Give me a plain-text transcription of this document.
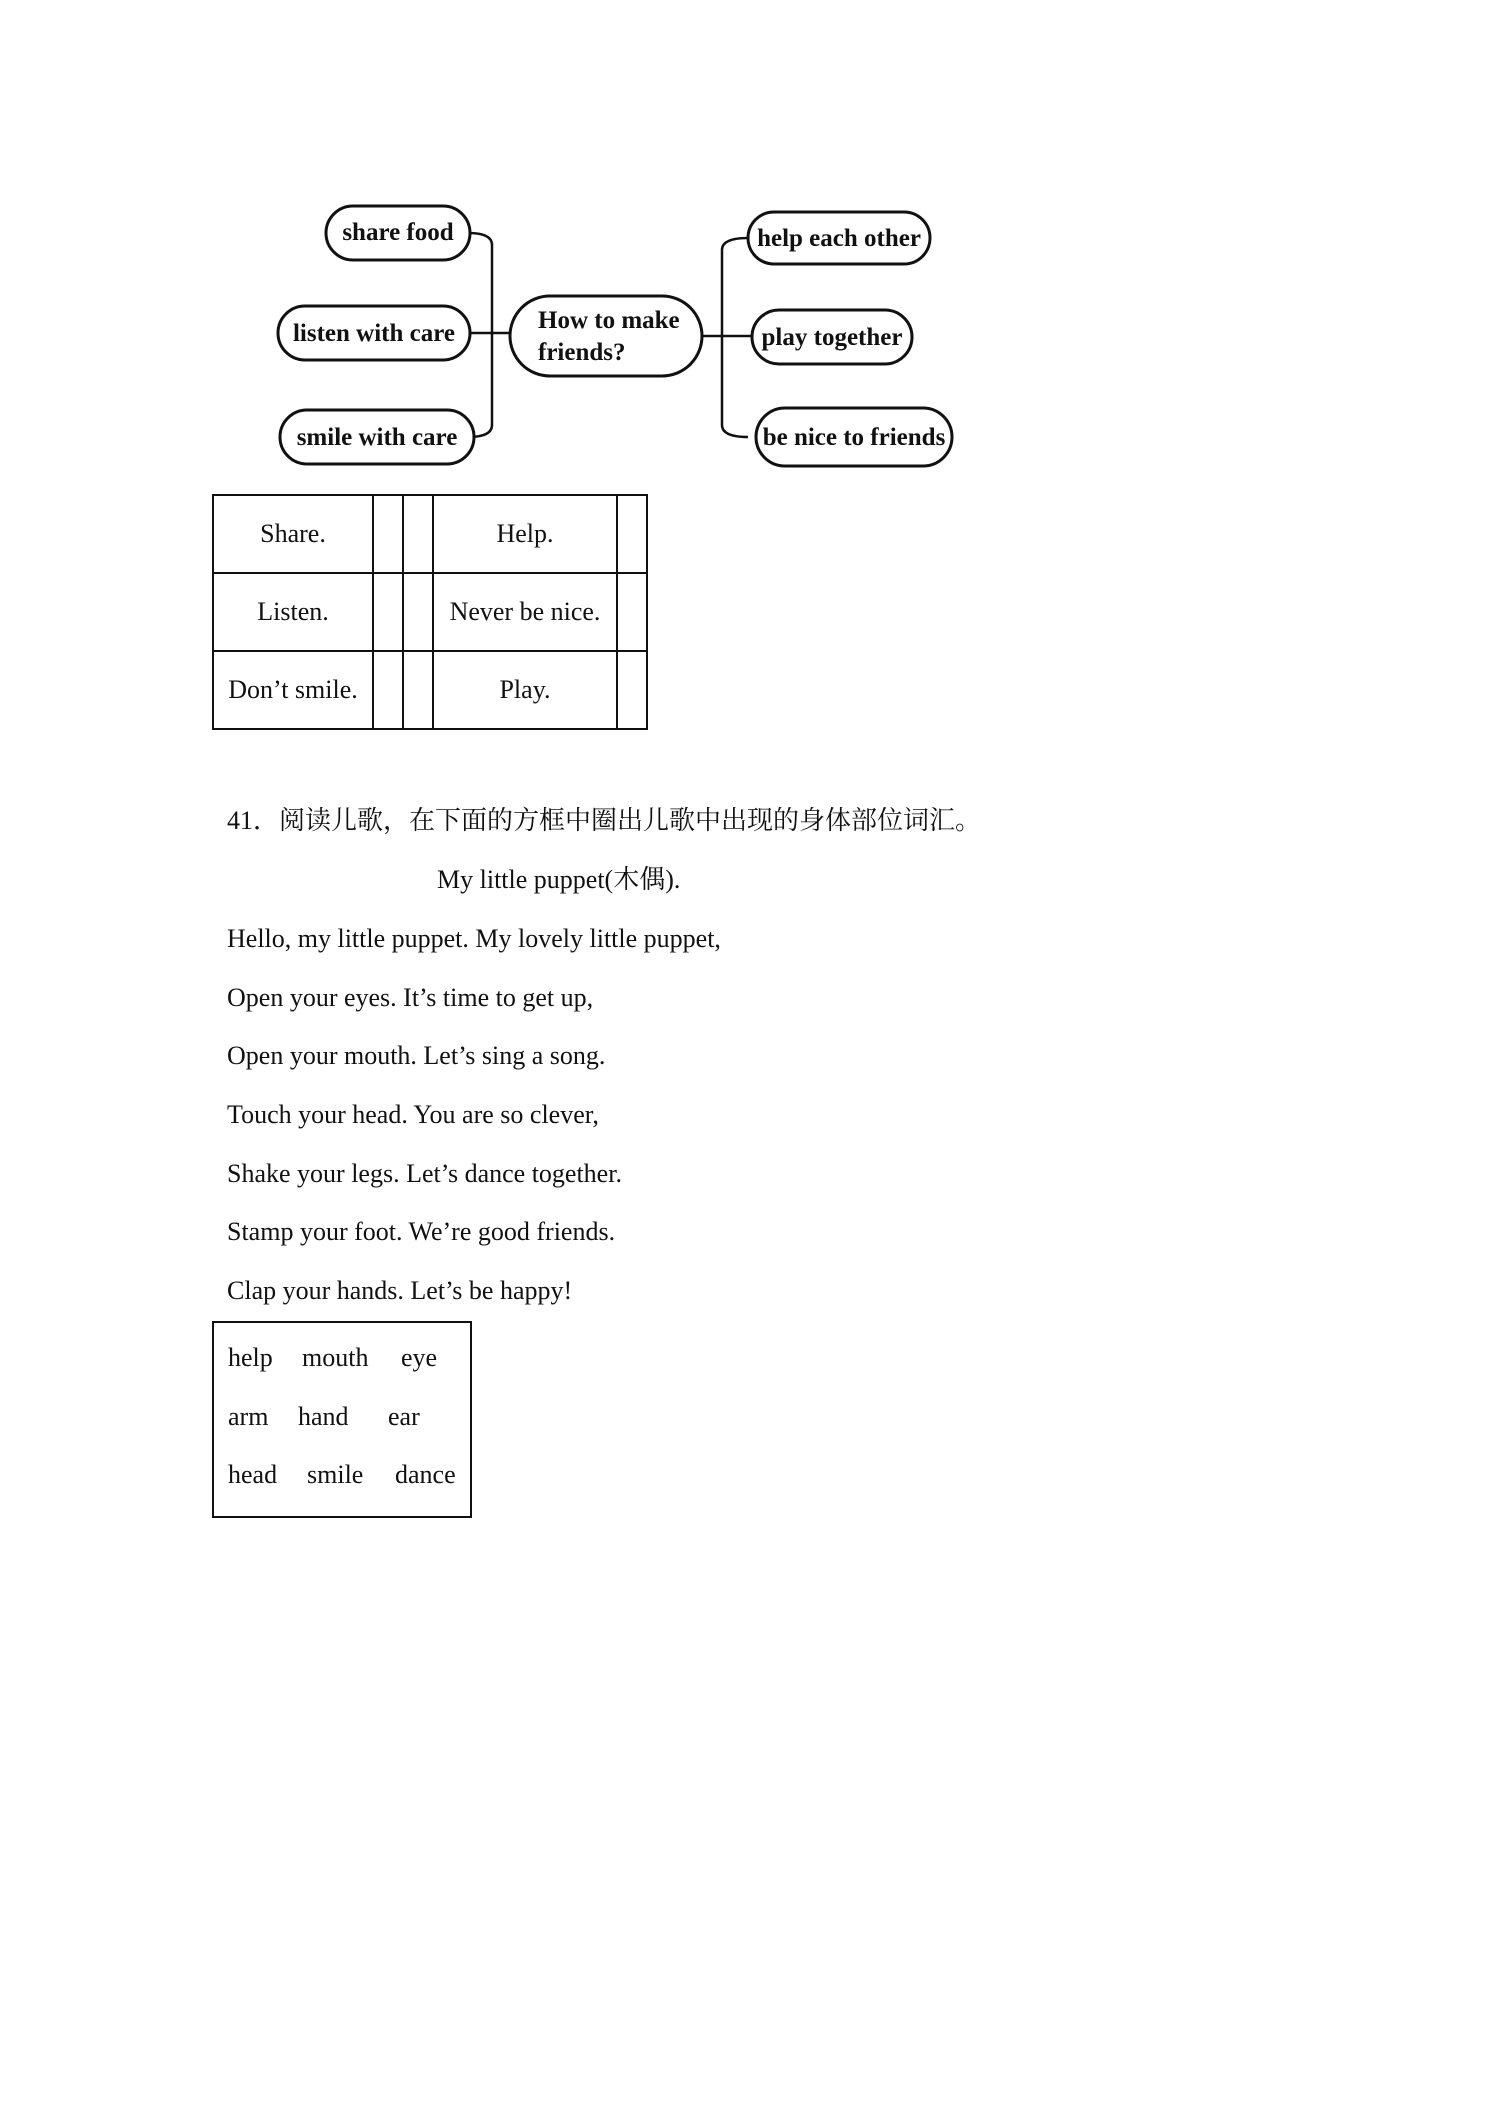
share food
listen with care
smile with care
How to make
friends?
help each other
play together
be nice to friends
Share.			Help.	
Listen.			Never be nice.	
Don’t smile.			Play.	
41．阅读儿歌，在下面的方框中圈出儿歌中出现的身体部位词汇。
My little puppet(木偶).
Hello, my little puppet. My lovely little puppet,
Open your eyes. It’s time to get up,
Open your mouth. Let’s sing a song.
Touch your head. You are so clever,
Shake your legs. Let’s dance together.
Stamp your foot. We’re good friends.
Clap your hands. Let’s be happy!
help mouth eye
arm hand ear
head smile dance
